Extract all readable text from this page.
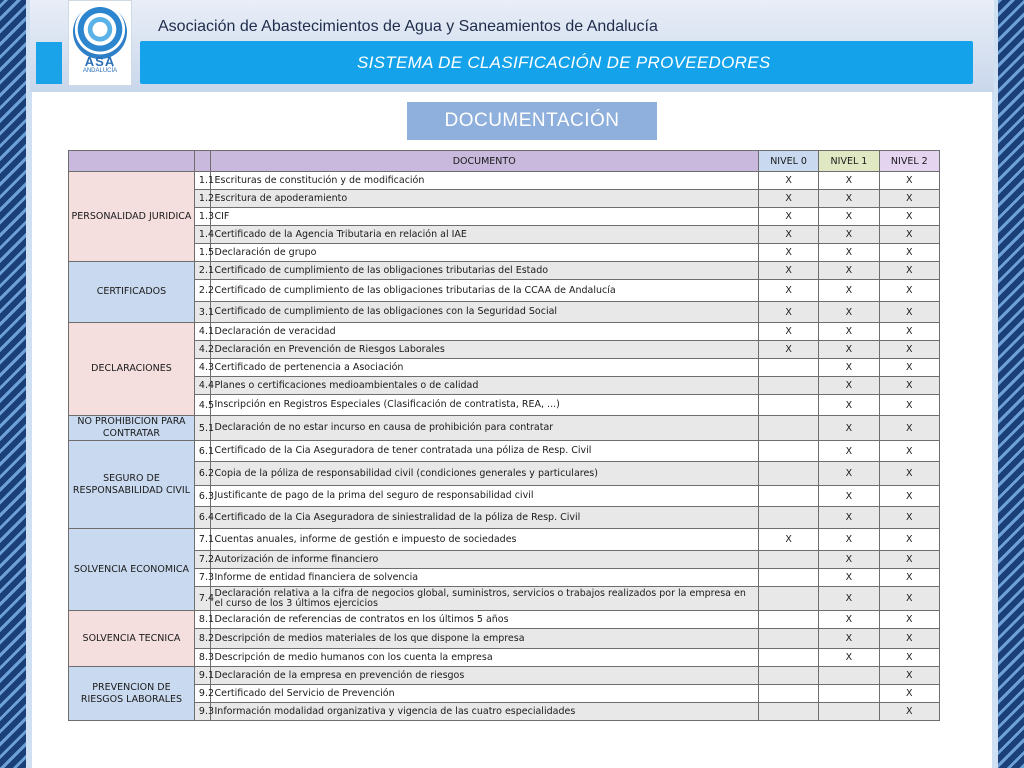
ASA
ANDALUCÍA
Asociación de Abastecimientos de Agua y Saneamientos de Andalucía
SISTEMA DE CLASIFICACIÓN DE PROVEEDORES
DOCUMENTACIÓN
		DOCUMENTO	NIVEL 0	NIVEL 1	NIVEL 2
PERSONALIDAD JURIDICA	1.1	Escrituras de constitución y de modificación	X	X	X
	1.2	Escritura de apoderamiento	X	X	X
	1.3	CIF	X	X	X
	1.4	Certificado de la Agencia Tributaria en relación al IAE	X	X	X
	1.5	Declaración de grupo	X	X	X
CERTIFICADOS	2.1	Certificado de cumplimiento de las obligaciones tributarias del Estado	X	X	X
	2.2	Certificado de cumplimiento de las obligaciones tributarias de la CCAA de Andalucía	X	X	X
	3.1	Certificado de cumplimiento de las obligaciones con la Seguridad Social	X	X	X
DECLARACIONES	4.1	Declaración de veracidad	X	X	X
	4.2	Declaración en Prevención de Riesgos Laborales	X	X	X
	4.3	Certificado de pertenencia a Asociación		X	X
	4.4	Planes o certificaciones medioambientales o de calidad		X	X
	4.5	Inscripción en Registros Especiales (Clasificación de contratista, REA, ...)		X	X
NO PROHIBICION PARA CONTRATAR	5.1	Declaración de no estar incurso en causa de prohibición para contratar		X	X
SEGURO DE RESPONSABILIDAD CIVIL	6.1	Certificado de la Cia Aseguradora de tener contratada una póliza de Resp. Civil		X	X
	6.2	Copia de la póliza de responsabilidad civil (condiciones generales y particulares)		X	X
	6.3	Justificante de pago de la prima del seguro de responsabilidad civil		X	X
	6.4	Certificado de la Cia Aseguradora de siniestralidad de la póliza de Resp. Civil		X	X
SOLVENCIA ECONOMICA	7.1	Cuentas anuales, informe de gestión e impuesto de sociedades	X	X	X
	7.2	Autorización de informe financiero		X	X
	7.3	Informe de entidad financiera de solvencia		X	X
	7.4	Declaración relativa a la cifra de negocios global, suministros, servicios o trabajos realizados por la empresa en el curso de los 3 últimos ejercicios		X	X
SOLVENCIA TECNICA	8.1	Declaración de referencias de contratos en los últimos 5 años		X	X
	8.2	Descripción de medios materiales de los que dispone la empresa		X	X
	8.3	Descripción de medio humanos con los cuenta la empresa		X	X
PREVENCION DE RIESGOS LABORALES	9.1	Declaración de la empresa en prevención de riesgos			X
	9.2	Certificado del Servicio de Prevención			X
	9.3	Información modalidad organizativa y vigencia de las cuatro especialidades			X
